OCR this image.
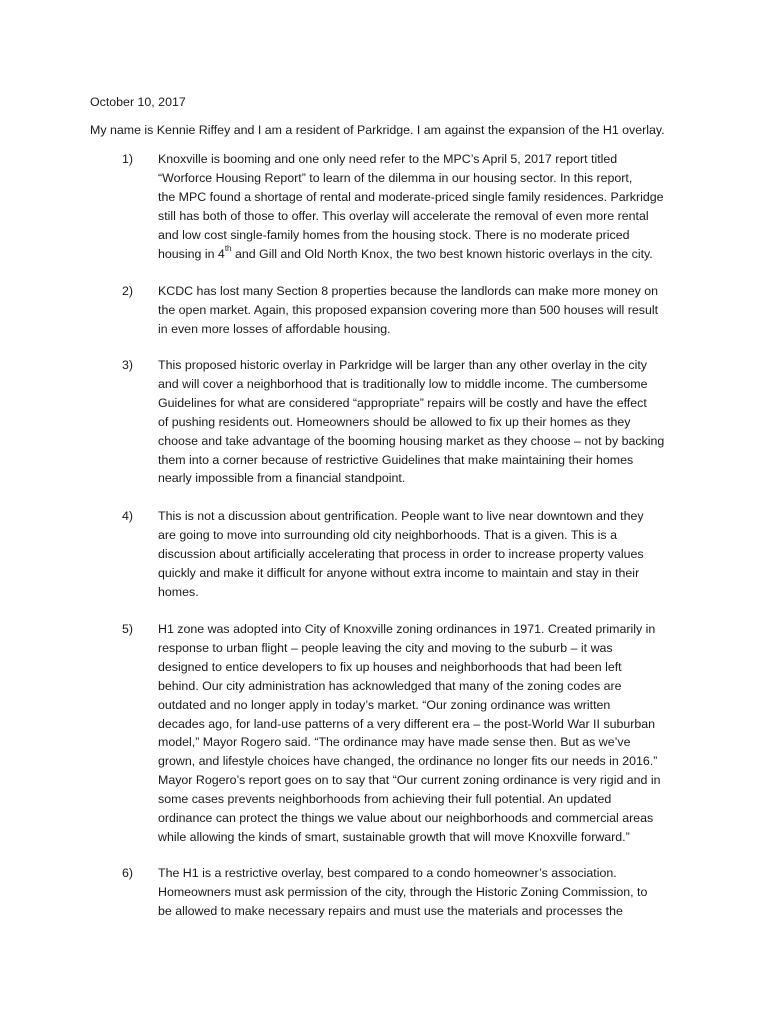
October 10, 2017

My name is Kennie Riffey and I am a resident of Parkridge. I am against the expansion of the H1 overlay.

1)	Knoxville is booming and one only need refer to the MPC’s April 5, 2017 report titled
“Worforce Housing Report” to learn of the dilemma in our housing sector. In this report,
the MPC found a shortage of rental and moderate-priced single family residences. Parkridge
still has both of those to offer. This overlay will accelerate the removal of even more rental
and low cost single-family homes from the housing stock. There is no moderate priced
housing in 4th and Gill and Old North Knox, the two best known historic overlays in the city.
2)	KCDC has lost many Section 8 properties because the landlords can make more money on
the open market. Again, this proposed expansion covering more than 500 houses will result
in even more losses of affordable housing.
3)	This proposed historic overlay in Parkridge will be larger than any other overlay in the city
and will cover a neighborhood that is traditionally low to middle income. The cumbersome
Guidelines for what are considered “appropriate” repairs will be costly and have the effect
of pushing residents out. Homeowners should be allowed to fix up their homes as they
choose and take advantage of the booming housing market as they choose – not by backing
them into a corner because of restrictive Guidelines that make maintaining their homes
nearly impossible from a financial standpoint.
4)	This is not a discussion about gentrification. People want to live near downtown and they
are going to move into surrounding old city neighborhoods. That is a given. This is a
discussion about artificially accelerating that process in order to increase property values
quickly and make it difficult for anyone without extra income to maintain and stay in their
homes.
5)	H1 zone was adopted into City of Knoxville zoning ordinances in 1971. Created primarily in
response to urban flight – people leaving the city and moving to the suburb – it was
designed to entice developers to fix up houses and neighborhoods that had been left
behind. Our city administration has acknowledged that many of the zoning codes are
outdated and no longer apply in today’s market. “Our zoning ordinance was written
decades ago, for land-use patterns of a very different era – the post-World War II suburban
model,” Mayor Rogero said. “The ordinance may have made sense then. But as we’ve
grown, and lifestyle choices have changed, the ordinance no longer fits our needs in 2016.”
Mayor Rogero’s report goes on to say that “Our current zoning ordinance is very rigid and in
some cases prevents neighborhoods from achieving their full potential. An updated
ordinance can protect the things we value about our neighborhoods and commercial areas
while allowing the kinds of smart, sustainable growth that will move Knoxville forward.”
6)	The H1 is a restrictive overlay, best compared to a condo homeowner’s association.
Homeowners must ask permission of the city, through the Historic Zoning Commission, to
be allowed to make necessary repairs and must use the materials and processes the
